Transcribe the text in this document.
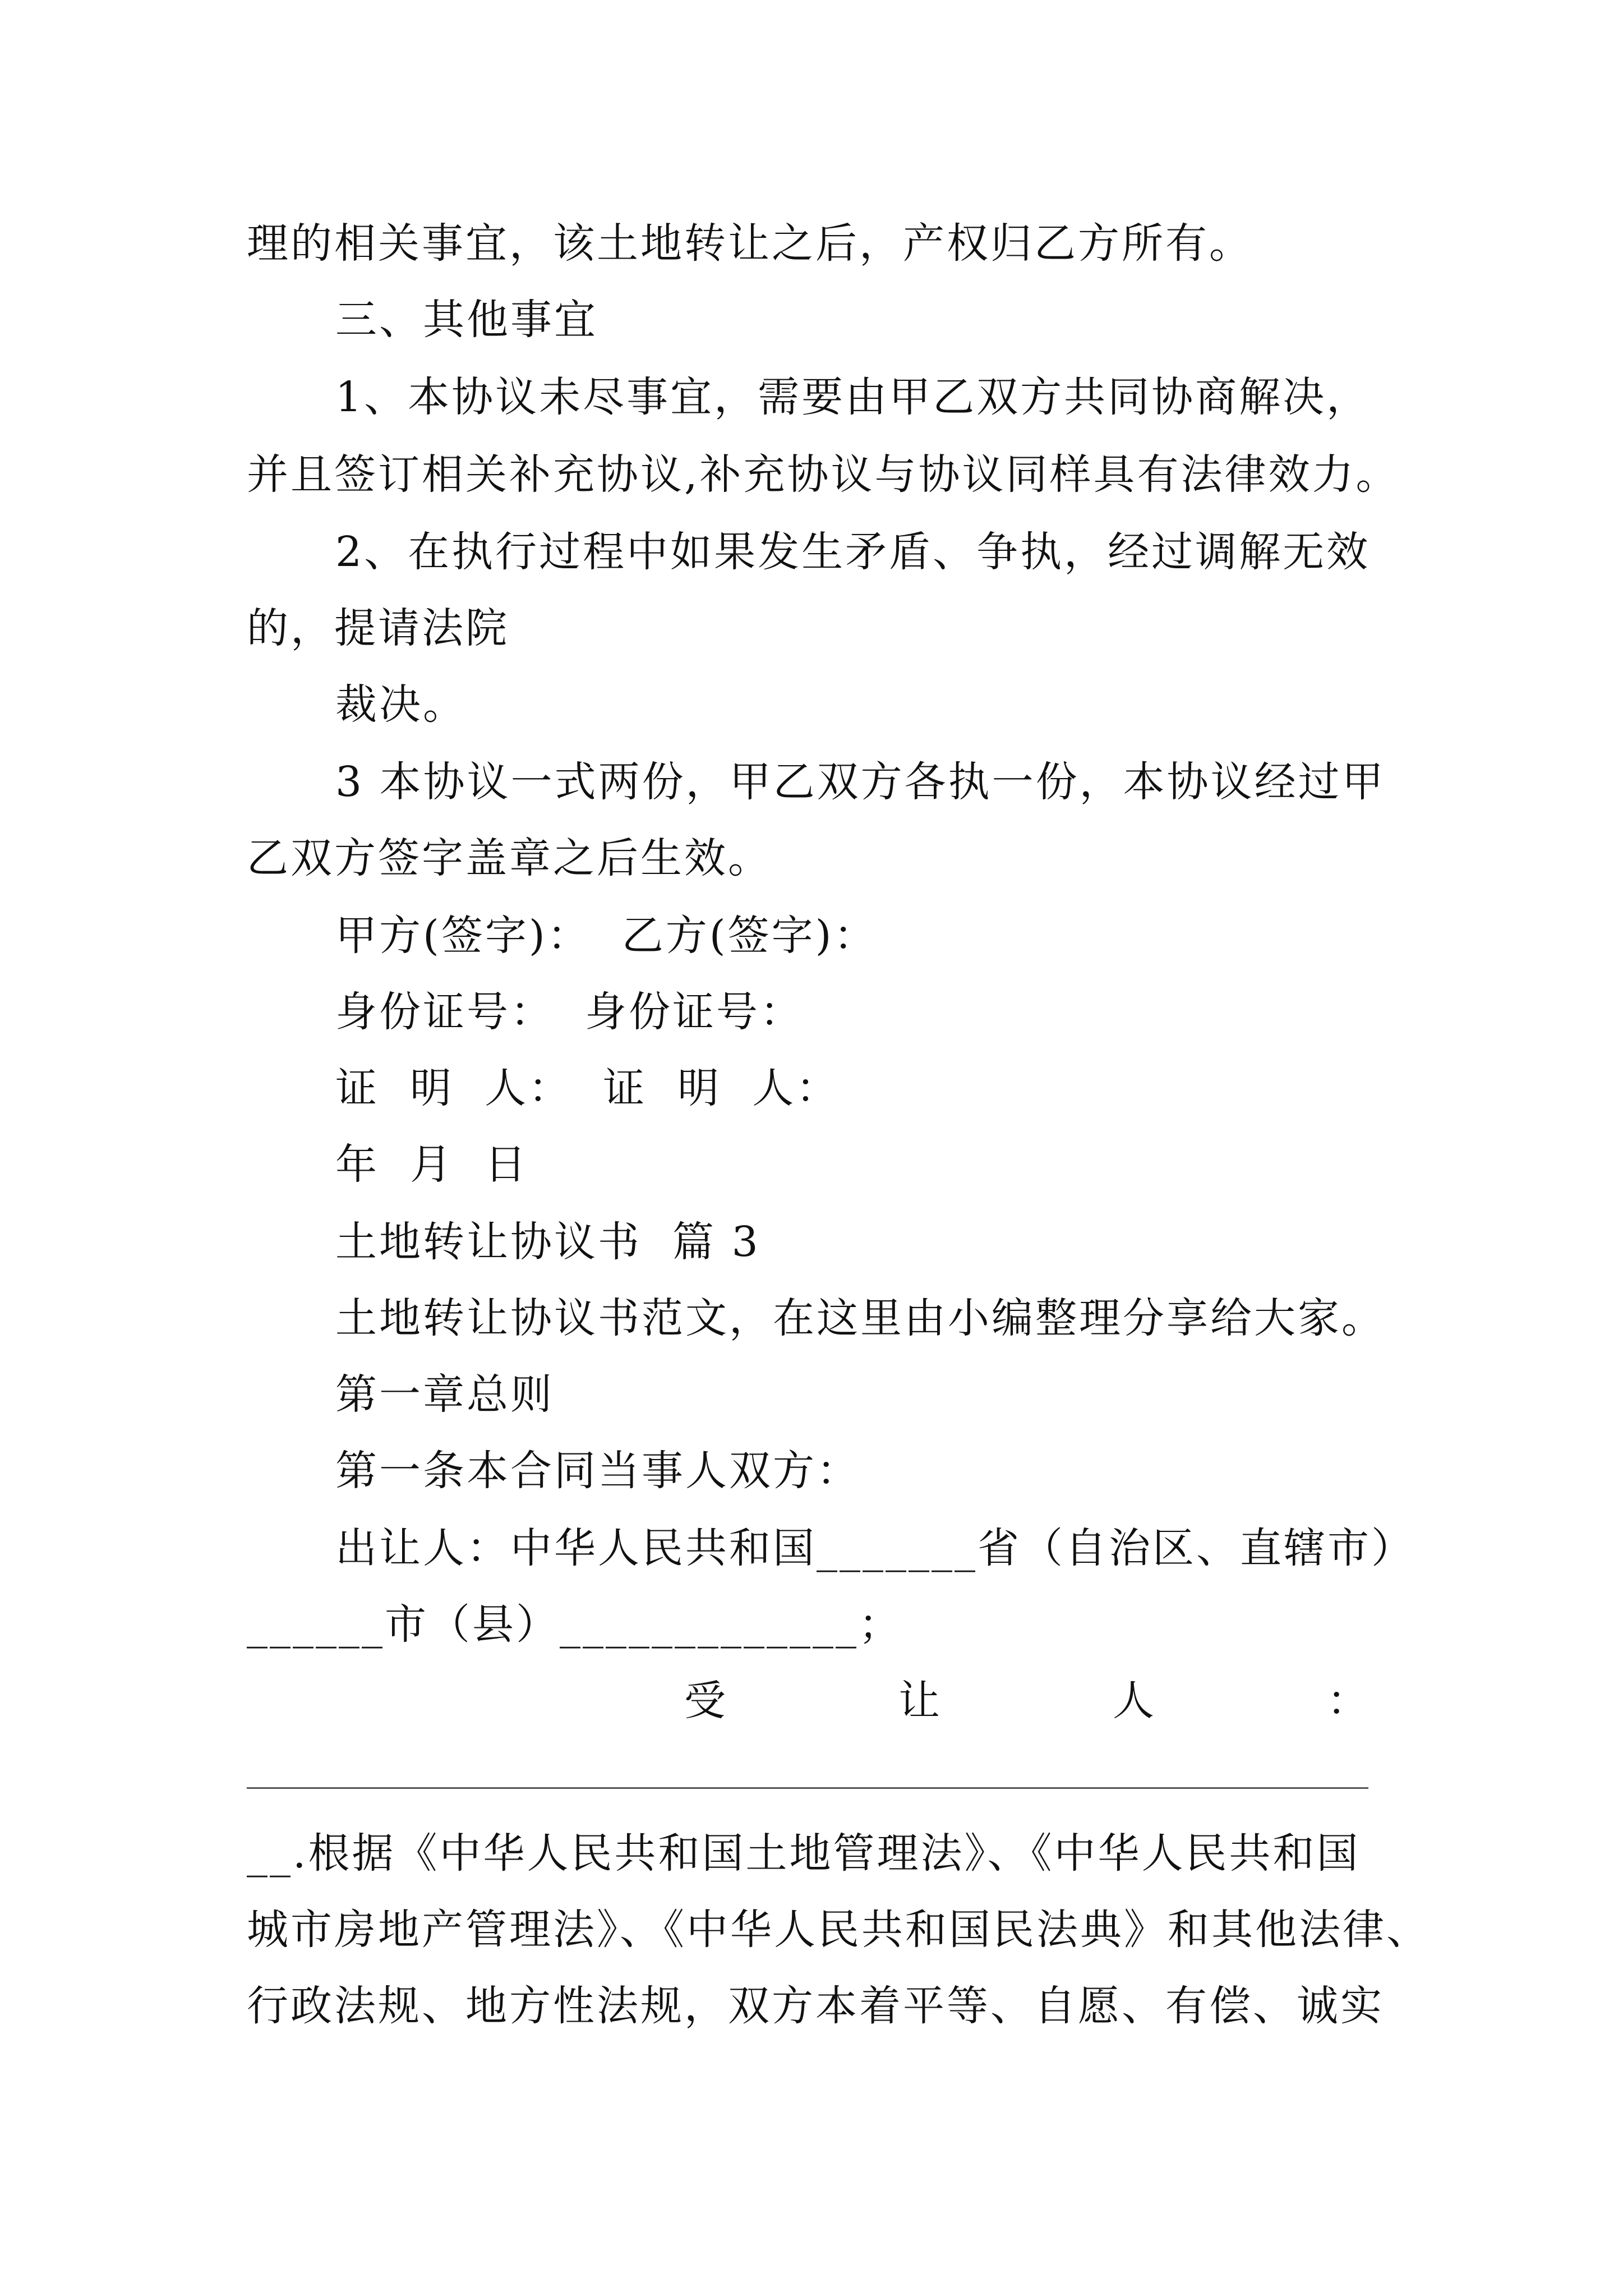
理的相关事宜，该土地转让之后，产权归乙方所有。
三、其他事宜
1、本协议未尽事宜，需要由甲乙双方共同协商解决，
并且签订相关补充协议,补充协议与协议同样具有法律效力。
2、在执行过程中如果发生矛盾、争执，经过调解无效
的，提请法院
裁决。
3 本协议一式两份，甲乙双方各执一份，本协议经过甲
乙双方签字盖章之后生效。
甲方(签字)：  乙方(签字)：
身份证号：  身份证号：
证  明  人：  证  明  人：
年  月  日
土地转让协议书  篇 3
土地转让协议书范文，在这里由小编整理分享给大家。
第一章总则
第一条本合同当事人双方：
出让人：中华人民共和国_______省（自治区、直辖市）
______市（县）_____________；
受	让	人	：
__.根据《中华人民共和国土地管理法》、《中华人民共和国
城市房地产管理法》、《中华人民共和国民法典》和其他法律、
行政法规、地方性法规，双方本着平等、自愿、有偿、诚实
